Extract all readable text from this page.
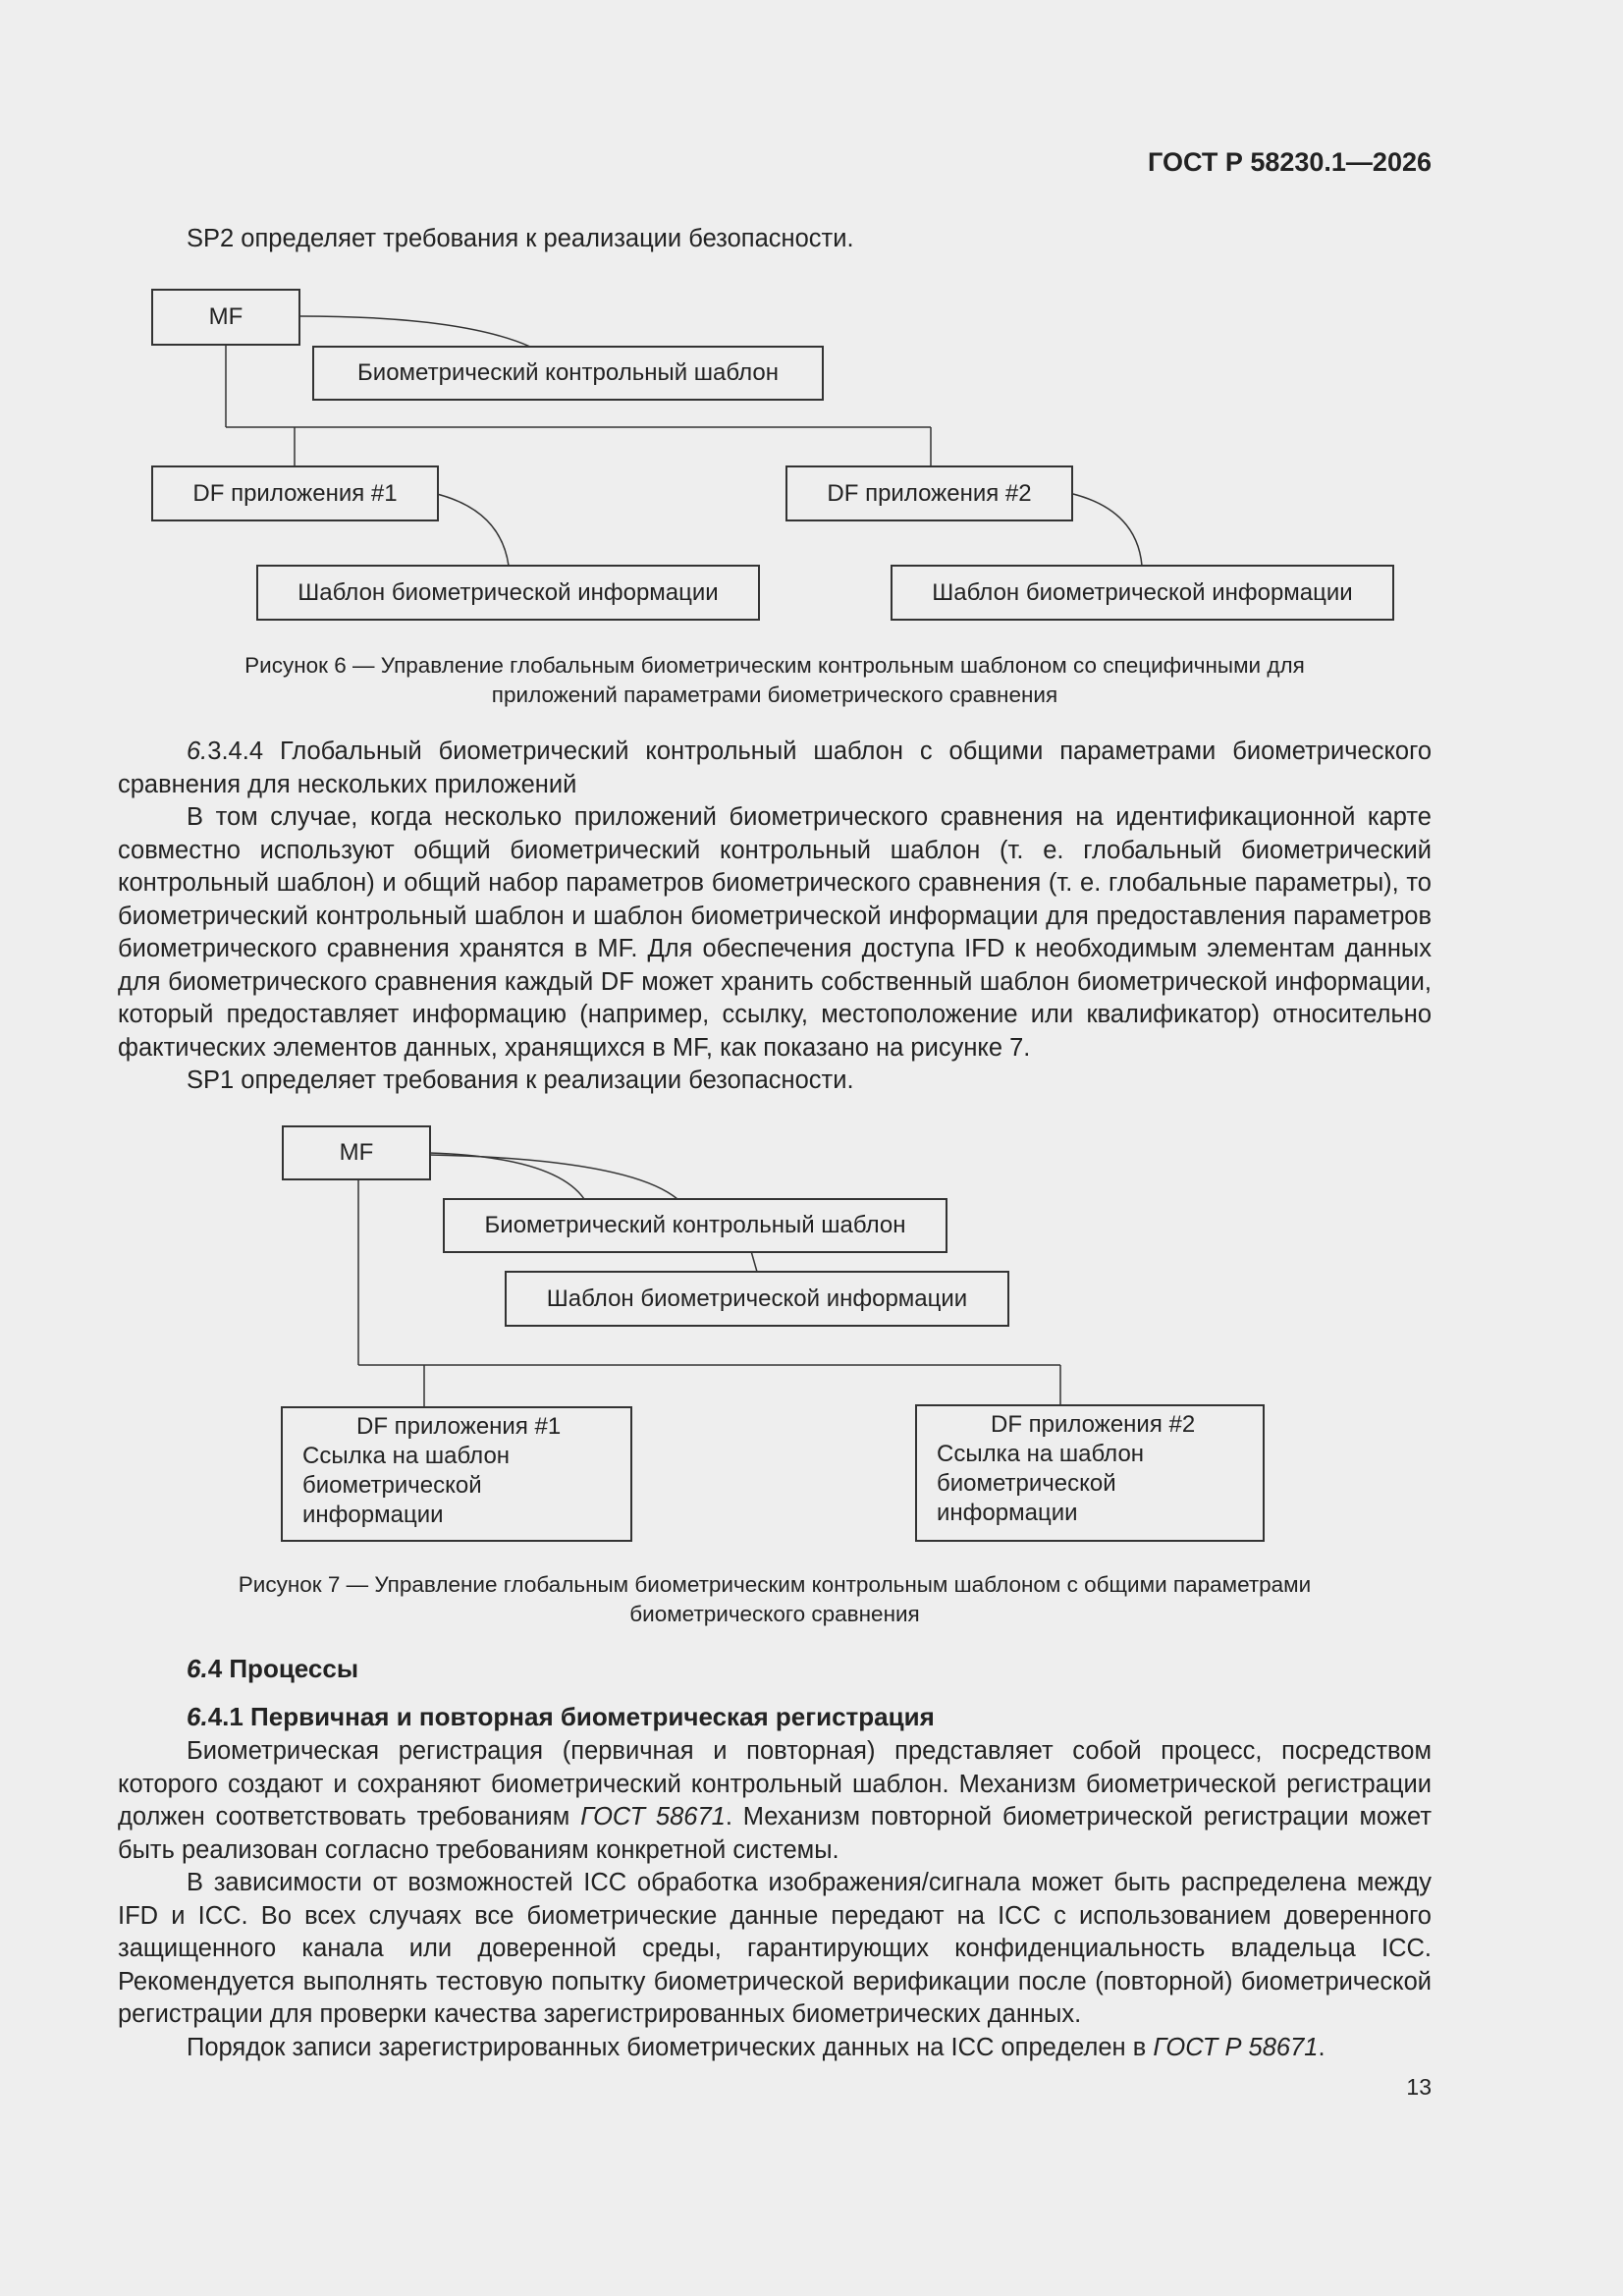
ГОСТ Р 58230.1—2026
SP2 определяет требования к реализации безопасности.
MF
Биометрический контрольный шаблон
DF приложения #1	DF приложения #2
Шаблон биометрической информации	Шаблон биометрической информации
Рисунок 6 — Управление глобальным биометрическим контрольным шаблоном со специфичными для
приложений параметрами биометрического сравнения
6.3.4.4 Глобальный биометрический контрольный шаблон с общими параметрами биометрического сравнения для нескольких приложений
В том случае, когда несколько приложений биометрического сравнения на идентификационной карте совместно используют общий биометрический контрольный шаблон (т. е. глобальный биометрический контрольный шаблон) и общий набор параметров биометрического сравнения (т. е. глобальные параметры), то биометрический контрольный шаблон и шаблон биометрической информации для предоставления параметров биометрического сравнения хранятся в MF. Для обеспечения доступа IFD к необходимым элементам данных для биометрического сравнения каждый DF может хранить собственный шаблон биометрической информации, который предоставляет информацию (например, ссылку, местоположение или квалификатор) относительно фактических элементов данных, хранящихся в MF, как показано на рисунке 7.
SP1 определяет требования к реализации безопасности.
MF
Биометрический контрольный шаблон
Шаблон биометрической информации
DF приложения #1
Ссылка на шаблон
биометрической
информации
DF приложения #2
Ссылка на шаблон
биометрической
информации
Рисунок 7 — Управление глобальным биометрическим контрольным шаблоном с общими параметрами
биометрического сравнения
6.4 Процессы
6.4.1 Первичная и повторная биометрическая регистрация
Биометрическая регистрация (первичная и повторная) представляет собой процесс, посредством которого создают и сохраняют биометрический контрольный шаблон. Механизм биометрической регистрации должен соответствовать требованиям ГОСТ 58671. Механизм повторной биометрической регистрации может быть реализован согласно требованиям конкретной системы.
В зависимости от возможностей ICC обработка изображения/сигнала может быть распределена между IFD и ICC. Во всех случаях все биометрические данные передают на ICC с использованием доверенного защищенного канала или доверенной среды, гарантирующих конфиденциальность владельца ICC. Рекомендуется выполнять тестовую попытку биометрической верификации после (повторной) биометрической регистрации для проверки качества зарегистрированных биометрических данных.
Порядок записи зарегистрированных биометрических данных на ICC определен в ГОСТ Р 58671.
13
